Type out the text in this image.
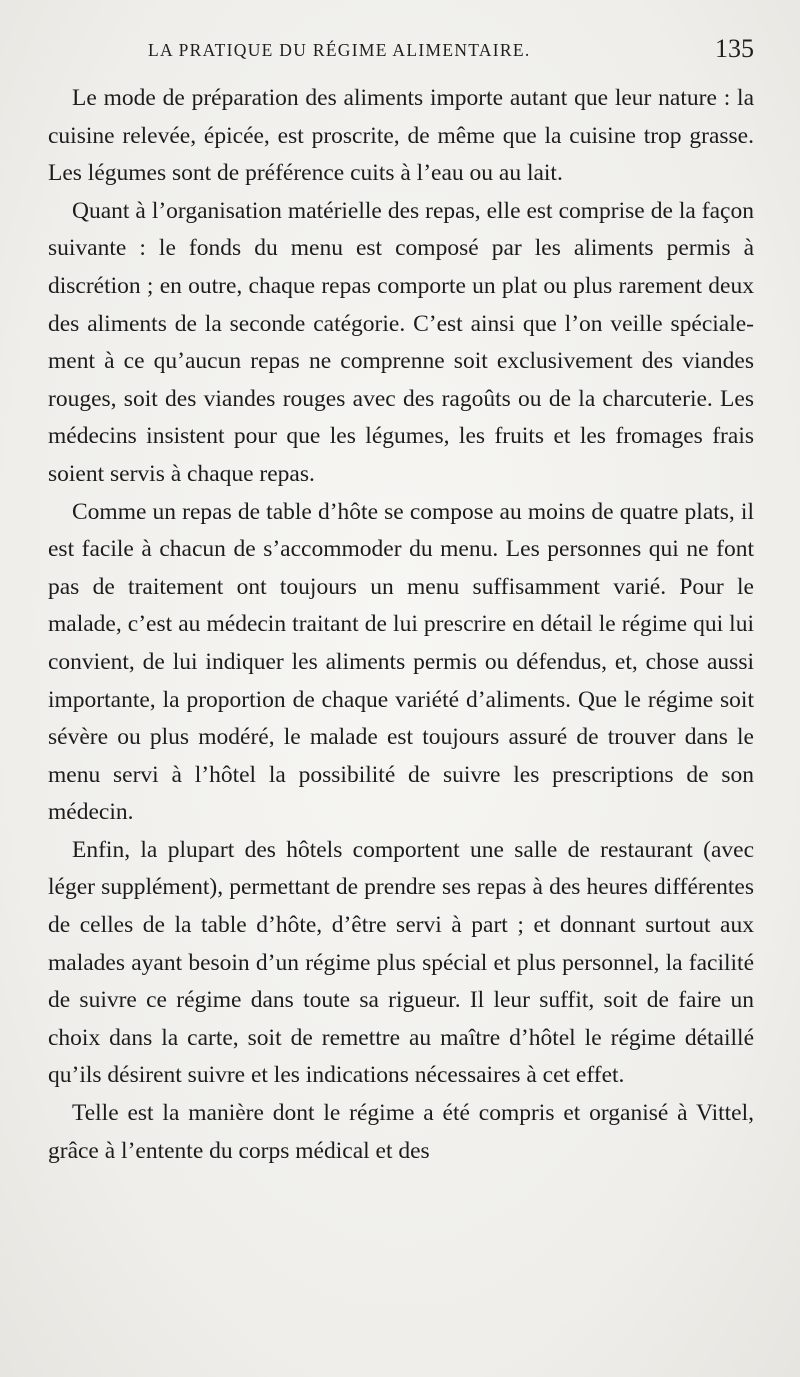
LA PRATIQUE DU RÉGIME ALIMENTAIRE.	135

Le mode de préparation des aliments importe autant que leur nature : la cuisine relevée, épicée, est proscrite, de même que la cuisine trop grasse. Les légumes sont de préférence cuits à l’eau ou au lait.

Quant à l’organisation matérielle des repas, elle est comprise de la façon suivante : le fonds du menu est composé par les aliments permis à discrétion ; en outre, chaque repas comporte un plat ou plus rarement deux des aliments de la seconde catégorie. C’est ainsi que l’on veille spécialement à ce qu’aucun repas ne comprenne soit exclusivement des viandes rouges, soit des viandes rouges avec des ragoûts ou de la charcuterie. Les médecins insistent pour que les légumes, les fruits et les fromages frais soient servis à chaque repas.

Comme un repas de table d’hôte se compose au moins de quatre plats, il est facile à chacun de s’accommoder du menu. Les personnes qui ne font pas de traitement ont toujours un menu suffisamment varié. Pour le malade, c’est au médecin traitant de lui prescrire en détail le régime qui lui convient, de lui indiquer les aliments permis ou défendus, et, chose aussi importante, la proportion de chaque variété d’aliments. Que le régime soit sévère ou plus modéré, le malade est toujours assuré de trouver dans le menu servi à l’hôtel la possibilité de suivre les prescriptions de son médecin.

Enfin, la plupart des hôtels comportent une salle de restaurant (avec léger supplément), permettant de prendre ses repas à des heures différentes de celles de la table d’hôte, d’être servi à part ; et donnant surtout aux malades ayant besoin d’un régime plus spécial et plus personnel, la facilité de suivre ce régime dans toute sa rigueur. Il leur suffit, soit de faire un choix dans la carte, soit de remettre au maître d’hôtel le régime détaillé qu’ils désirent suivre et les indications nécessaires à cet effet.

Telle est la manière dont le régime a été compris et organisé à Vittel, grâce à l’entente du corps médical et des
